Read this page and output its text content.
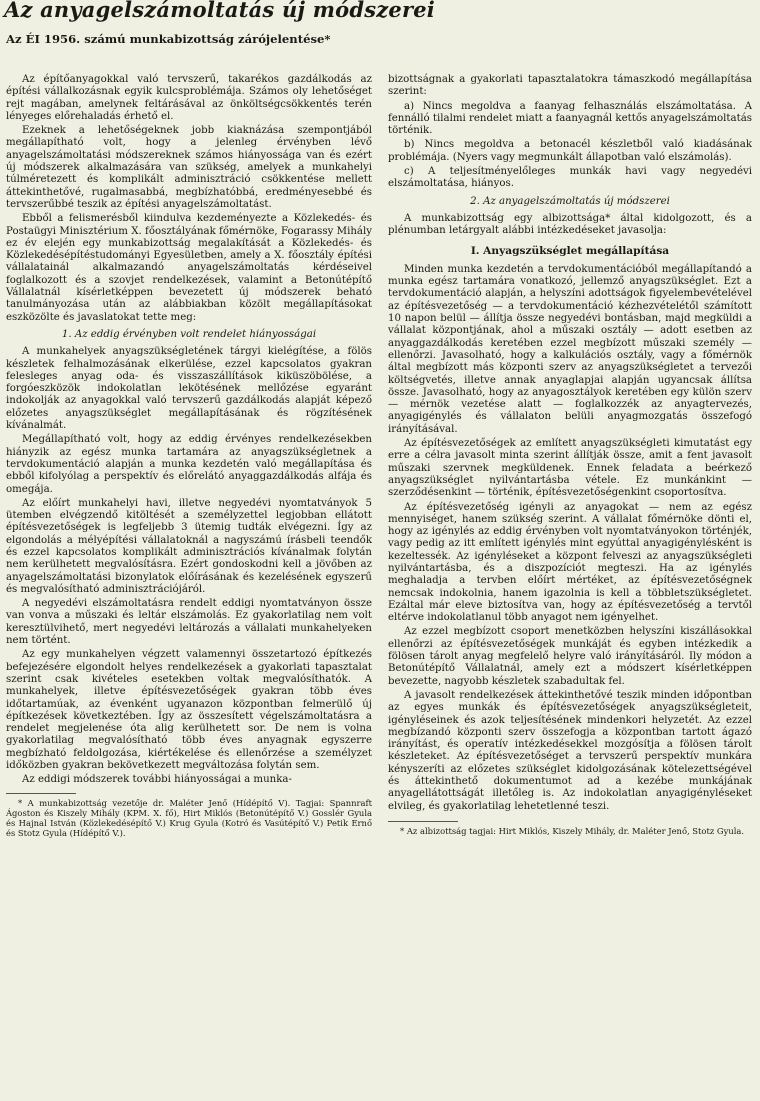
Az anyagelszámoltatás új módszerei
Az ÉI 1956. számú munkabizottság zárójelentése*

Az építőanyagokkal való tervszerű, takarékos gazdálkodás az építési vállalkozásnak egyik kulcsproblémája. Számos oly lehetőséget rejt magában, amelynek feltárásával az önköltségcsökkentés terén lényeges előrehaladás érhető el.

Ezeknek a lehetőségeknek jobb kiaknázása szempontjából megállapítható volt, hogy a jelenleg érvényben lévő anyagelszámoltatási módszereknek számos hiányossága van és ezért új módszerek alkalmazására van szükség, amelyek a munkahelyi túlméretezett és komplikált adminisztráció csökkentése mellett áttekinthetővé, rugalmasabbá, megbízhatóbbá, eredményesebbé és tervszerűbbé teszik az építési anyagelszámoltatást.

Ebből a felismerésből kiindulva kezdeményezte a Közlekedés- és Postaügyi Minisztérium X. főosztályának főmérnöke, Fogarassy Mihály ez év elején egy munkabizottság megalakítását a Közlekedés- és Közlekedésépítéstudományi Egyesületben, amely a X. főosztály építési vállalatainál alkalmazandó anyagelszámoltatás kérdéseivel foglalkozott és a szovjet rendelkezések, valamint a Betonútépítő Vállalatnál kísérletképpen bevezetett új módszerek beható tanulmányozása után az alábbiakban közölt megállapításokat eszközölte és javaslatokat tette meg:

1. Az eddig érvényben volt rendelet hiányosságai

A munkahelyek anyagszükségletének tárgyi kielégítése, a fölös készletek felhalmozásának elkerülése, ezzel kapcsolatos gyakran felesleges anyag oda- és visszaszállítások kiküszöbölése, a forgóeszközök indokolatlan lekötésének mellőzése egyaránt indokolják az anyagokkal való tervszerű gazdálkodás alapját képező előzetes anyagszükséglet megállapításának és rögzítésének kívánalmát.

Megállapítható volt, hogy az eddig érvényes rendelkezésekben hiányzik az egész munka tartamára az anyagszükségletnek a tervdokumentáció alapján a munka kezdetén való megállapítása és ebből kifolyólag a perspektív és előrelátó anyaggazdálkodás alfája és omegája.

Az előírt munkahelyi havi, illetve negyedévi nyomtatványok 5 ütemben elvégzendő kitöltését a személyzettel legjobban ellátott építésvezetőségek is legfeljebb 3 ütemig tudták elvégezni. Így az elgondolás a mélyépítési vállalatoknál a nagyszámú írásbeli teendők és ezzel kapcsolatos komplikált adminisztrációs kívánalmak folytán nem kerülhetett megvalósításra. Ezért gondoskodni kell a jövőben az anyagelszámoltatási bizonylatok előírásának és kezelésének egyszerű és megvalósítható adminisztrációjáról.

A negyedévi elszámoltatásra rendelt eddigi nyomtatványon össze van vonva a műszaki és leltár elszámolás. Ez gyakorlatilag nem volt keresztülvihető, mert negyedévi leltározás a vállalati munkahelyeken nem történt.

Az egy munkahelyen végzett valamennyi összetartozó építkezés befejezésére elgondolt helyes rendelkezések a gyakorlati tapasztalat szerint csak kivételes esetekben voltak megvalósíthatók. A munkahelyek, illetve építésvezetőségek gyakran több éves időtartamúak, az évenként ugyanazon központban felmerülő új építkezések következtében. Így az összesített végelszámoltatásra a rendelet megjelenése óta alig kerülhetett sor. De nem is volna gyakorlatilag megvalósítható több éves anyagnak egyszerre megbízható feldolgozása, kiértékelése és ellenőrzése a személyzet időközben gyakran bekövetkezett megváltozása folytán sem.

Az eddigi módszerek további hiányosságai a munka-

* A munkabizottság vezetője dr. Maléter Jenő (Hídépítő V). Tagjai: Spannraft Ágoston és Kiszely Mihály (KPM. X. fő), Hirt Miklós (Betonútépítő V.) Gosslér Gyula és Hajnal István (Közlekedésépítő V.) Krug Gyula (Kotró és Vasútépítő V.) Petik Ernő és Stotz Gyula (Hídépítő V.).

bizottságnak a gyakorlati tapasztalatokra támaszkodó megállapítása szerint:

a) Nincs megoldva a faanyag felhasználás elszámoltatása. A fennálló tilalmi rendelet miatt a faanyagnál kettős anyagelszámoltatás történik.

b) Nincs megoldva a betonacél készletből való kiadásának problémája. (Nyers vagy megmunkált állapotban való elszámolás).

c) A teljesítményelőleges munkák havi vagy negyedévi elszámoltatása, hiányos.

2. Az anyagelszámoltatás új módszerei

A munkabizottság egy albizottsága* által kidolgozott, és a plénumban letárgyalt alábbi intézkedéseket javasolja:

I. Anyagszükséglet megállapítása

Minden munka kezdetén a tervdokumentációból megállapítandó a munka egész tartamára vonatkozó, jellemző anyagszükséglet. Ezt a tervdokumentáció alapján, a helyszíni adottságok figyelembevételével az építésvezetőség — a tervdokumentáció kézhezvételétől számított 10 napon belül — állítja össze negyedévi bontásban, majd megküldi a vállalat központjának, ahol a műszaki osztály — adott esetben az anyaggazdálkodás keretében ezzel megbízott műszaki személy — ellenőrzi. Javasolható, hogy a kalkulációs osztály, vagy a főmérnök által megbízott más központi szerv az anyagszükségletet a tervezői költségvetés, illetve annak anyaglapjai alapján ugyancsak állítsa össze. Javasolható, hogy az anyagosztályok keretében egy külön szerv — mérnök vezetése alatt — foglalkozzék az anyagtervezés, anyagigénylés és vállalaton belüli anyagmozgatás összefogó irányításával.

Az építésvezetőségek az említett anyagszükségleti kimutatást egy erre a célra javasolt minta szerint állítják össze, amit a fent javasolt műszaki szervnek megküldenek. Ennek feladata a beérkező anyagszükséglet nyilvántartásba vétele. Ez munkánkint — szerződésenkint — történik, építésvezetőségenkint csoportosítva.

Az építésvezetőség igényli az anyagokat — nem az egész mennyiséget, hanem szükség szerint. A vállalat főmérnöke dönti el, hogy az igénylés az eddig érvényben volt nyomtatványokon történjék, vagy pedig az itt említett igénylés mint egyúttal anyagigénylésként is kezeltessék. Az igényléseket a központ felveszi az anyagszükségleti nyilvántartásba, és a diszpozíciót megteszi. Ha az igénylés meghaladja a tervben előírt mértéket, az építésvezetőségnek nemcsak indokolnia, hanem igazolnia is kell a többletszükségletet. Ezáltal már eleve biztosítva van, hogy az építésvezetőség a tervtől eltérve indokolatlanul több anyagot nem igényelhet.

Az ezzel megbízott csoport menetközben helyszíni kiszállásokkal ellenőrzi az építésvezetőségek munkáját és egyben intézkedik a fölösen tárolt anyag megfelelő helyre való irányításáról. Ily módon a Betonútépítő Vállalatnál, amely ezt a módszert kísérletképpen bevezette, nagyobb készletek szabadultak fel.

A javasolt rendelkezések áttekinthetővé teszik minden időpontban az egyes munkák és építésvezetőségek anyagszükségleteit, igényléseinek és azok teljesítésének mindenkori helyzetét. Az ezzel megbízandó központi szerv összefogja a központban tartott ágazó irányítást, és operatív intézkedésekkel mozgósítja a fölösen tárolt készleteket. Az építésvezetőséget a tervszerű perspektív munkára kényszeríti az előzetes szükséglet kidolgozásának kötelezettségével és áttekinthető dokumentumot ad a kezébe munkájának anyagellátottságát illetőleg is. Az indokolatlan anyagigényléseket elvileg, és gyakorlatilag lehetetlenné teszi.

* Az albizottság tagjai: Hirt Miklós, Kiszely Mihály, dr. Maléter Jenő, Stotz Gyula.
